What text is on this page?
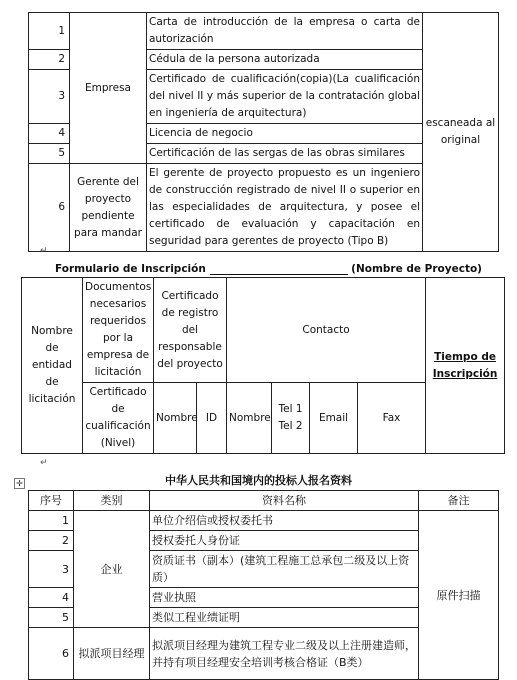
1	Empresa	Carta de introducción de la empresa o carta de autorización	escaneada al original
2		Cédula de la persona autorizada	
3		Certificado de cualificación(copia)(La cualificación del nivel II y más superior de la contratación global en ingeniería de arquitectura)	
4		Licencia de negocio	
5		Certificación de las sergas de las obras similares	
6	Gerente del proyecto pendiente para mandar	El gerente de proyecto propuesto es un ingeniero de construcción registrado de nivel II o superior en las especialidades de arquitectura, y posee el certificado de evaluación y capacitación en seguridad para gerentes de proyecto (Tipo B)	
↵
Formulario de Inscripción	(Nombre de Proyecto)
Nombre de entidad de licitación	Documentos necesarios requeridos por la empresa de licitación	Certificado de registro del responsable del proyecto		Contacto				Tiempo de Inscripción
	Certificado de cualificación (Nivel)	Nombre	ID	Nombre	Tel 1 Tel 2	Email	Fax	
↵
中华人民共和国境内的投标人报名资料
✛
序号	类别	资料名称	备注
1	企业	单位介绍信或授权委托书	原件扫描
2		授权委托人身份证	
3		资质证书（副本）(建筑工程施工总承包二级及以上资质）	
4		营业执照	
5		类似工程业绩证明	
6	拟派项目经理	拟派项目经理为建筑工程专业二级及以上注册建造师，并持有项目经理安全培训考核合格证（B类）	
